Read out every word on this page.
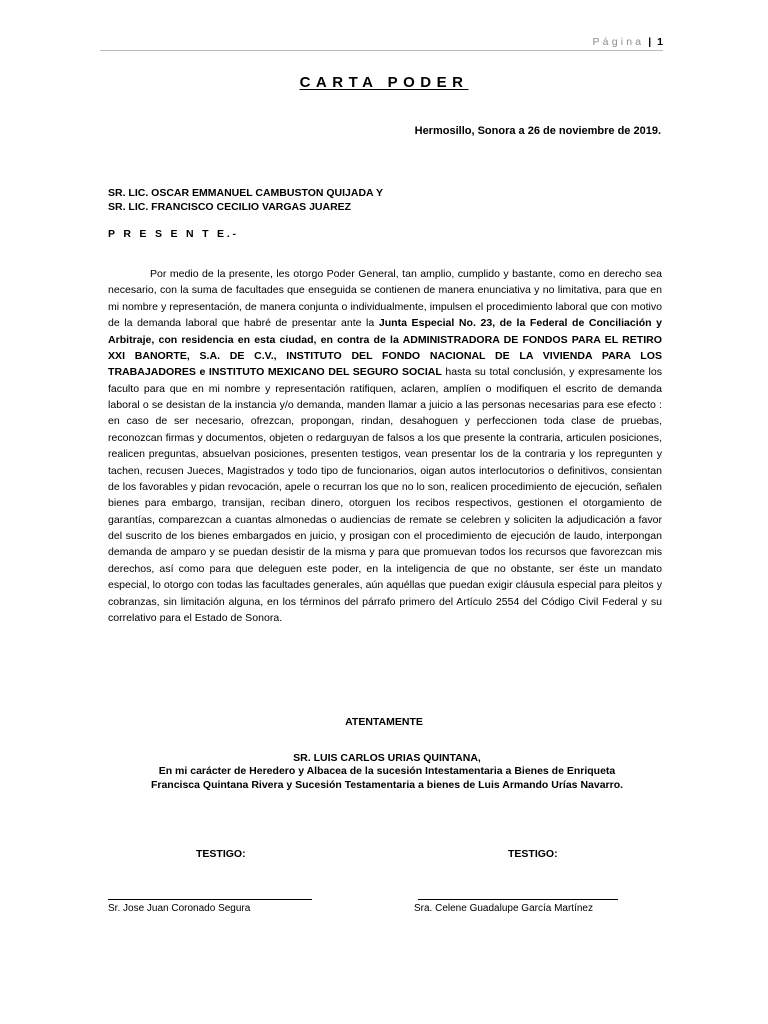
Página | 1
CARTA PODER
Hermosillo, Sonora a 26 de noviembre de 2019.
SR. LIC. OSCAR EMMANUEL CAMBUSTON QUIJADA Y
SR. LIC. FRANCISCO CECILIO VARGAS JUAREZ
P R E S E N T E.-

Por medio de la presente, les otorgo Poder General, tan amplio, cumplido y bastante, como en derecho sea necesario, con la suma de facultades que enseguida se contienen de manera enunciativa y no limitativa, para que en mi nombre y representación, de manera conjunta o individualmente, impulsen el procedimiento laboral que con motivo de la demanda laboral que habré de presentar ante la Junta Especial No. 23, de la Federal de Conciliación y Arbitraje, con residencia en esta ciudad, en contra de la ADMINISTRADORA DE FONDOS PARA EL RETIRO XXI BANORTE, S.A. DE C.V., INSTITUTO DEL FONDO NACIONAL DE LA VIVIENDA PARA LOS TRABAJADORES e INSTITUTO MEXICANO DEL SEGURO SOCIAL hasta su total conclusión, y expresamente los faculto para que en mi nombre y representación ratifiquen, aclaren, amplíen o modifiquen el escrito de demanda laboral o se desistan de la instancia y/o demanda, manden llamar a juicio a las personas necesarias para ese efecto : en caso de ser necesario, ofrezcan, propongan, rindan, desahoguen y perfeccionen toda clase de pruebas, reconozcan firmas y documentos, objeten o redarguyan de falsos a los que presente la contraria, articulen posiciones, realicen preguntas, absuelvan posiciones, presenten testigos, vean presentar los de la contraria y los repregunten y tachen, recusen Jueces, Magistrados y todo tipo de funcionarios, oigan autos interlocutorios o definitivos, consientan de los favorables y pidan revocación, apele o recurran los que no lo son, realicen procedimiento de ejecución, señalen bienes para embargo, transijan, reciban dinero, otorguen los recibos respectivos, gestionen el otorgamiento de garantías, comparezcan a cuantas almonedas o audiencias de remate se celebren y soliciten la adjudicación a favor del suscrito de los bienes embargados en juicio, y prosigan con el procedimiento de ejecución de laudo, interpongan demanda de amparo y se puedan desistir de la misma y para que promuevan todos los recursos que favorezcan mis derechos, así como para que deleguen este poder, en la inteligencia de que no obstante, ser éste un mandato especial, lo otorgo con todas las facultades generales, aún aquéllas que puedan exigir cláusula especial para pleitos y cobranzas, sin limitación alguna, en los términos del párrafo primero del Artículo 2554 del Código Civil Federal y su correlativo para el Estado de Sonora.

ATENTAMENTE
SR. LUIS CARLOS URIAS QUINTANA,
En mi carácter de Heredero y Albacea de la sucesión Intestamentaria a Bienes de Enriqueta
Francisca Quintana Rivera y Sucesión Testamentaria a bienes de Luis Armando Urías Navarro.
TESTIGO:	TESTIGO:
Sr. Jose Juan Coronado Segura	Sra. Celene Guadalupe García Martínez
